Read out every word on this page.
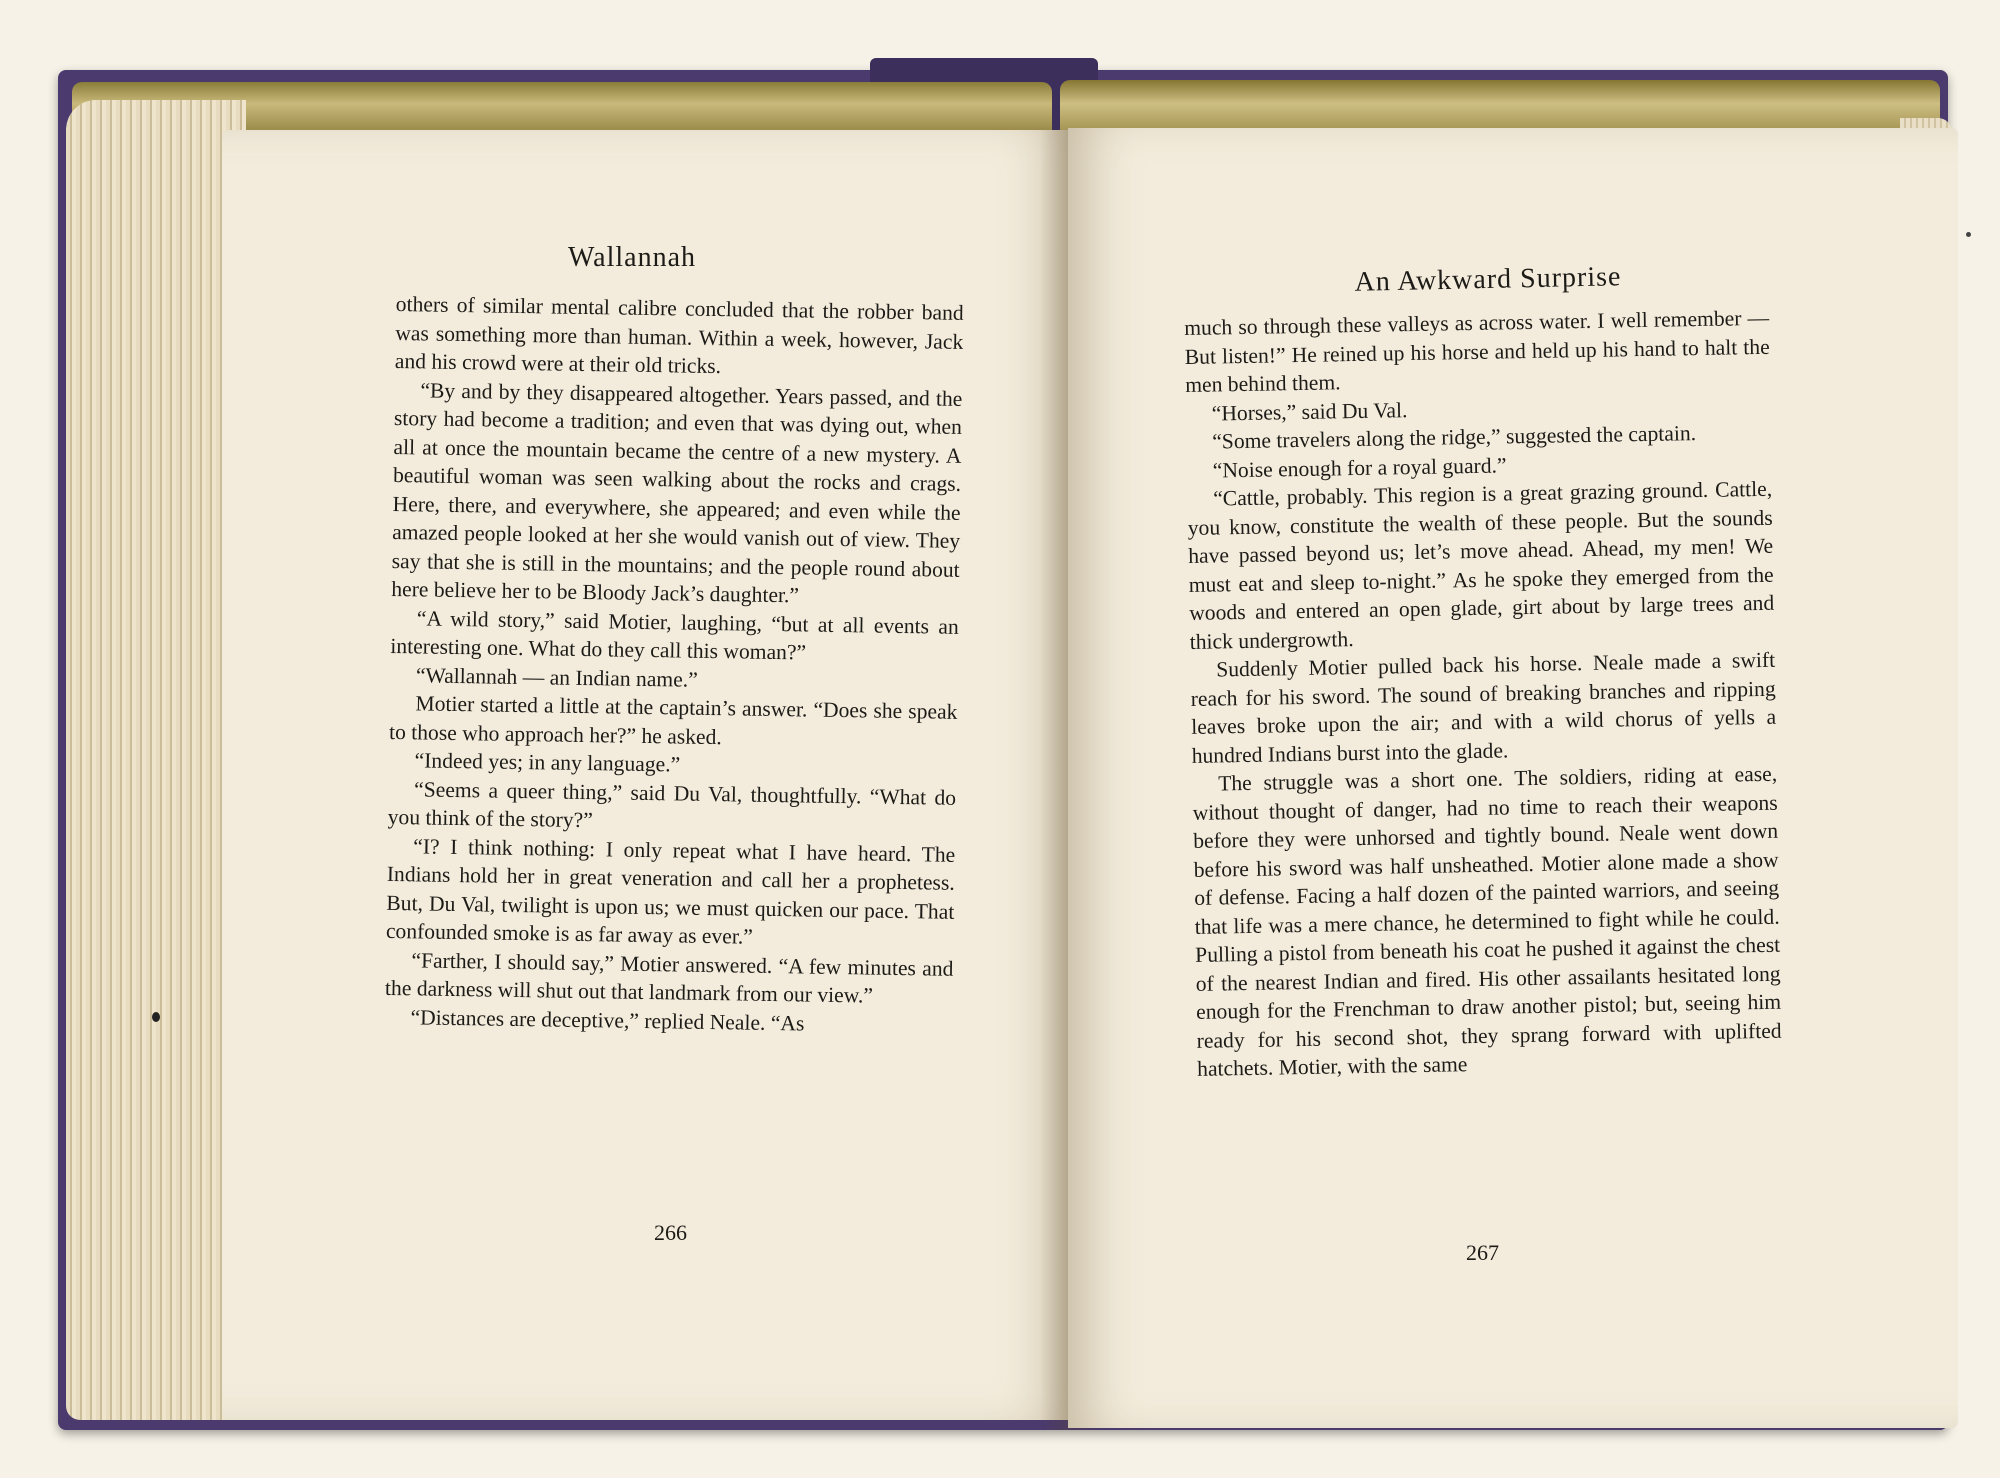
Wallannah

others of similar mental calibre concluded that the robber band was something more than human. Within a week, however, Jack and his crowd were at their old tricks.

“By and by they disappeared altogether. Years passed, and the story had become a tradition; and even that was dying out, when all at once the mountain became the centre of a new mystery. A beautiful woman was seen walking about the rocks and crags. Here, there, and everywhere, she appeared; and even while the amazed people looked at her she would vanish out of view. They say that she is still in the mountains; and the people round about here believe her to be Bloody Jack’s daughter.”

“A wild story,” said Motier, laughing, “but at all events an interesting one. What do they call this woman?”

“Wallannah — an Indian name.”

Motier started a little at the captain’s answer. “Does she speak to those who approach her?” he asked.

“Indeed yes; in any language.”

“Seems a queer thing,” said Du Val, thoughtfully. “What do you think of the story?”

“I? I think nothing: I only repeat what I have heard. The Indians hold her in great veneration and call her a prophetess. But, Du Val, twilight is upon us; we must quicken our pace. That confounded smoke is as far away as ever.”

“Farther, I should say,” Motier answered. “A few minutes and the darkness will shut out that landmark from our view.”

“Distances are deceptive,” replied Neale. “As

266
An Awkward Surprise

much so through these valleys as across water. I well remember — But listen!” He reined up his horse and held up his hand to halt the men behind them.

“Horses,” said Du Val.

“Some travelers along the ridge,” suggested the captain.

“Noise enough for a royal guard.”

“Cattle, probably. This region is a great grazing ground. Cattle, you know, constitute the wealth of these people. But the sounds have passed beyond us; let’s move ahead. Ahead, my men! We must eat and sleep to-night.” As he spoke they emerged from the woods and entered an open glade, girt about by large trees and thick undergrowth.

Suddenly Motier pulled back his horse. Neale made a swift reach for his sword. The sound of breaking branches and ripping leaves broke upon the air; and with a wild chorus of yells a hundred Indians burst into the glade.

The struggle was a short one. The soldiers, riding at ease, without thought of danger, had no time to reach their weapons before they were unhorsed and tightly bound. Neale went down before his sword was half unsheathed. Motier alone made a show of defense. Facing a half dozen of the painted warriors, and seeing that life was a mere chance, he determined to fight while he could. Pulling a pistol from beneath his coat he pushed it against the chest of the nearest Indian and fired. His other assailants hesitated long enough for the Frenchman to draw another pistol; but, seeing him ready for his second shot, they sprang forward with uplifted hatchets. Motier, with the same

267
